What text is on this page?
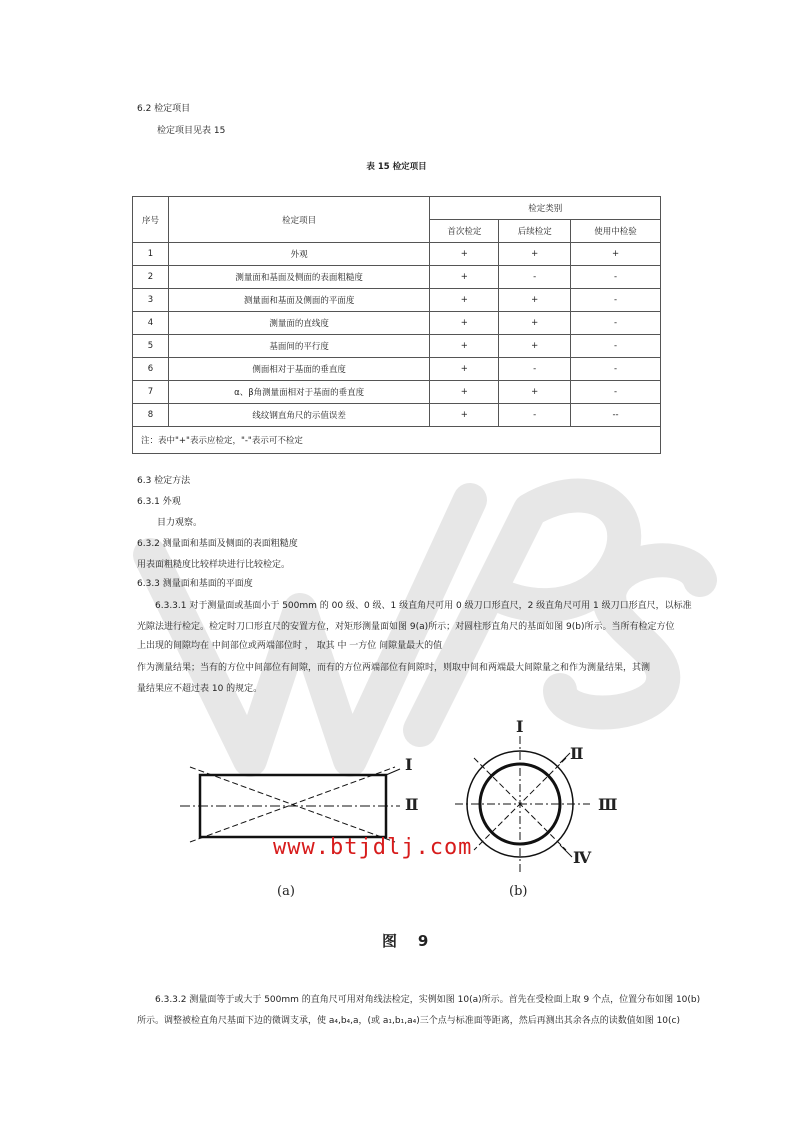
6.2 检定项目
检定项目见表 15
表 15 检定项目
序号	检定项目	检定类别		
		首次检定	后续检定	使用中检验
1	外观	+	+	+
2	测量面和基面及侧面的表面粗糙度	+	-	-
3	测量面和基面及侧面的平面度	+	+	-
4	测量面的直线度	+	+	-
5	基面间的平行度	+	+	-
6	侧面相对于基面的垂直度	+	-	-
7	α、β角测量面相对于基面的垂直度	+	+	-
8	线纹钢直角尺的示值误差	+	-	--
注：表中"+"表示应检定，"-"表示可不检定				
6.3 检定方法
6.3.1 外观
目力观察。
6.3.2 测量面和基面及侧面的表面粗糙度
用表面粗糙度比较样块进行比较检定。
6.3.3 测量面和基面的平面度
6.3.3.1 对于测量面或基面小于 500mm 的 00 级、0 级、1 级直角尺可用 0 级刀口形直尺，2 级直角尺可用 1 级刀口形直尺，以标准
光隙法进行检定。检定时刀口形直尺的安置方位，对矩形测量面如图 9(a)所示；对圆柱形直角尺的基面如图 9(b)所示。当所有检定方位
上出现的间隙均在 中间部位或两端部位时 ， 取其 中 一方位 间隙量最大的值
作为测量结果；当有的方位中间部位有间隙，而有的方位两端部位有间隙时，则取中间和两端最大间隙量之和作为测量结果，其测
量结果应不超过表 10 的规定。
I
Ⅱ
I
Ⅱ
Ⅲ
Ⅳ
www.btjdlj.com
(a)	(b)
图    9
6.3.3.2 测量面等于或大于 500mm 的直角尺可用对角线法检定，实例如图 10(a)所示。首先在受检面上取 9 个点，位置分布如图 10(b)
所示。调整被检直角尺基面下边的微调支承，使 a₄,b₄,a，(或 a₁,b₁,a₄)三个点与标准面等距离，然后再测出其余各点的读数值如图 10(c)
